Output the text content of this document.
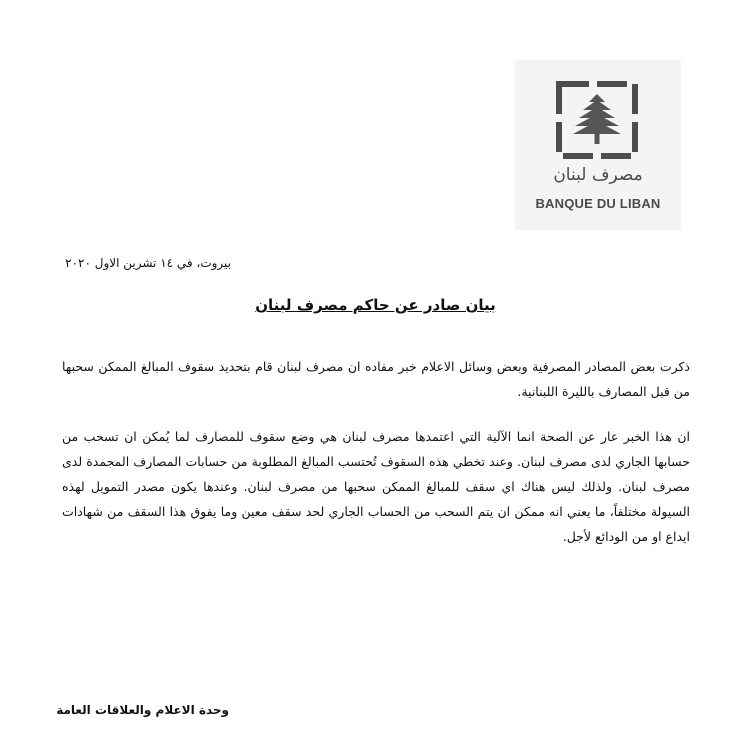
مصرف لبنان
BANQUE DU LIBAN
بيروت، في ١٤ تشرين الاول ٢٠٢٠
بيان صادر عن حاكم مصرف لبنان
ذكرت بعض المصادر المصرفية وبعض وسائل الاعلام خبر مفاده ان مصرف لبنان قام بتحديد سقوف المبالغ الممكن سحبها من قبل المصارف بالليرة اللبنانية.
ان هذا الخبر عار عن الصحة انما الآلية التي اعتمدها مصرف لبنان هي وضع سقوف للمصارف لما يُمكن ان تسحب من حسابها الجاري لدى مصرف لبنان. وعند تخطي هذه السقوف تُحتسب المبالغ المطلوبة من حسابات المصارف المجمدة لدى مصرف لبنان. ولذلك ليس هناك اي سقف للمبالغ الممكن سحبها من مصرف لبنان. وعندها يكون مصدر التمويل لهذه السيولة مختلفاً، ما يعني انه ممكن ان يتم السحب من الحساب الجاري لحد سقف معين وما يفوق هذا السقف من شهادات ايداع او من الودائع لأجل.
وحدة الاعلام والعلاقات العامة
